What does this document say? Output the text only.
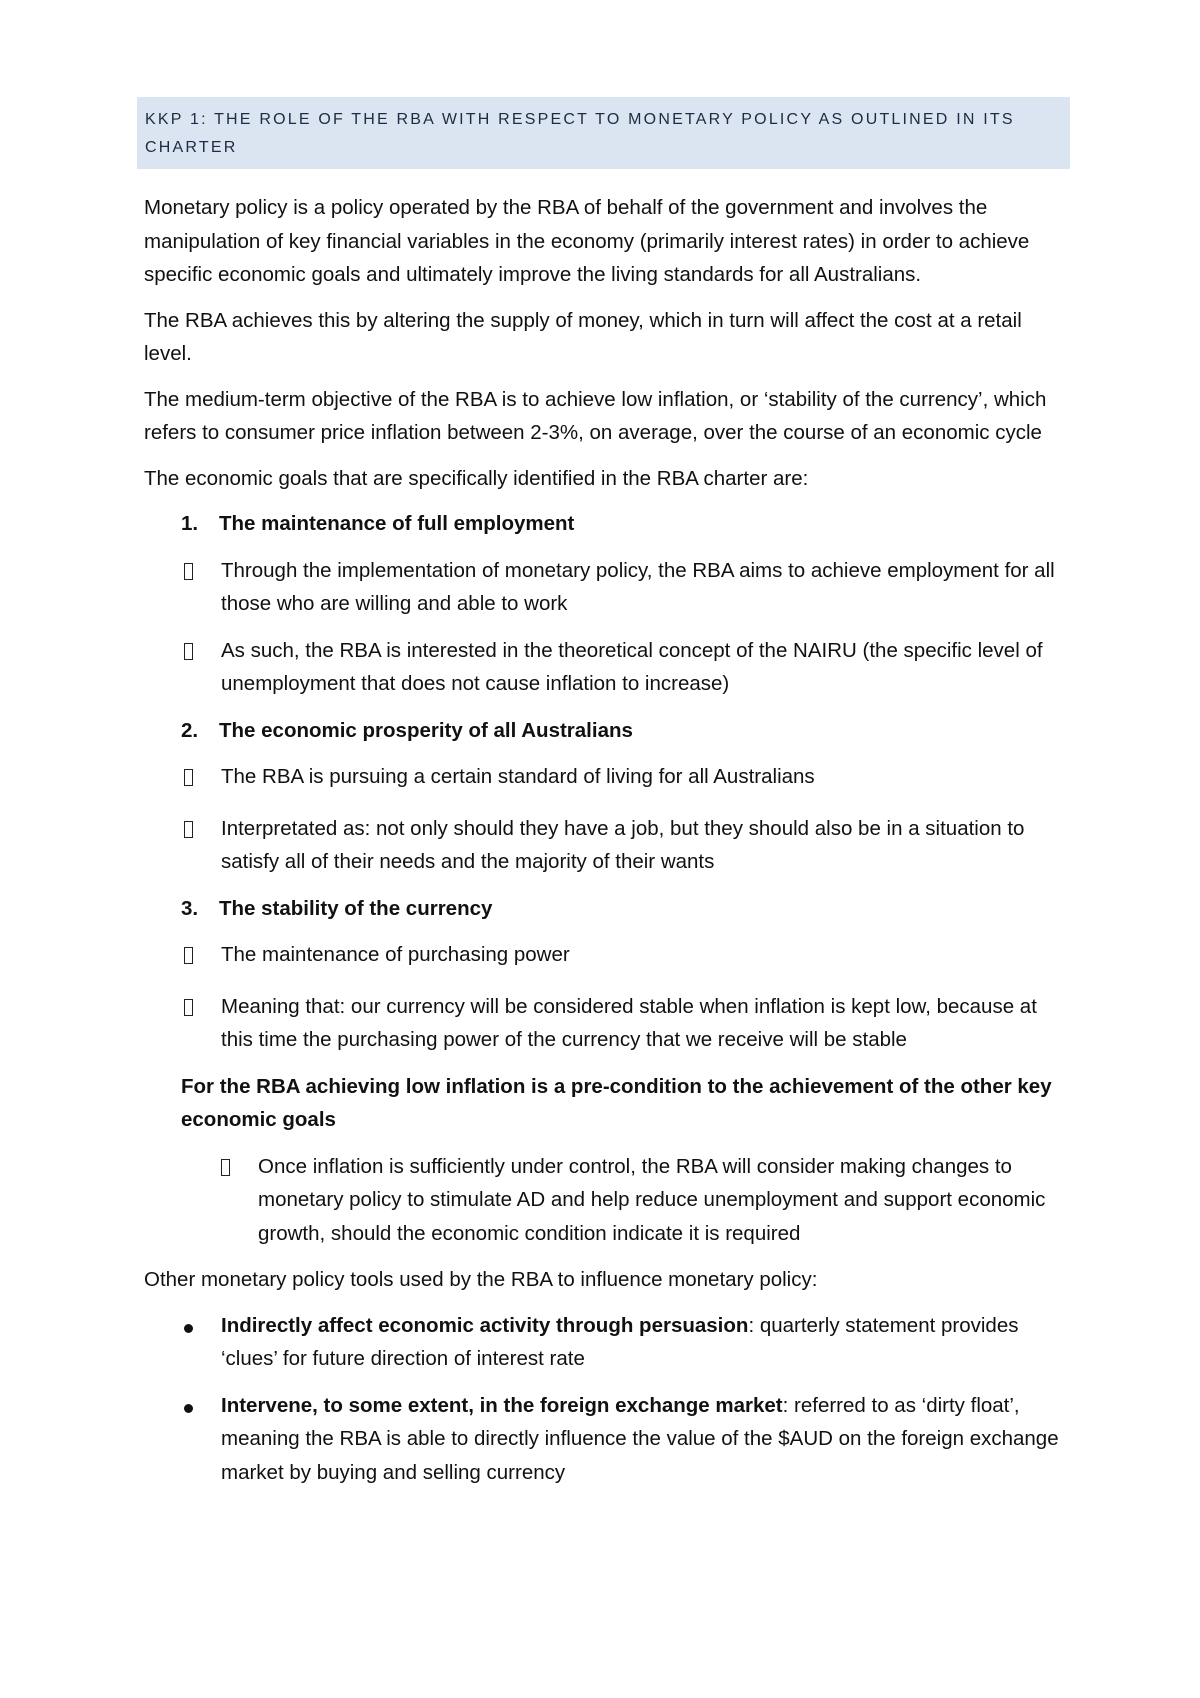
KKP 1: THE ROLE OF THE RBA WITH RESPECT TO MONETARY POLICY AS OUTLINED IN ITS CHARTER

Monetary policy is a policy operated by the RBA of behalf of the government and involves the manipulation of key financial variables in the economy (primarily interest rates) in order to achieve specific economic goals and ultimately improve the living standards for all Australians.

The RBA achieves this by altering the supply of money, which in turn will affect the cost at a retail level.

The medium-term objective of the RBA is to achieve low inflation, or ‘stability of the currency’, which refers to consumer price inflation between 2-3%, on average, over the course of an economic cycle

The economic goals that are specifically identified in the RBA charter are:

1.	The maintenance of full employment
Through the implementation of monetary policy, the RBA aims to achieve employment for all those who are willing and able to work
As such, the RBA is interested in the theoretical concept of the NAIRU (the specific level of unemployment that does not cause inflation to increase)
2.	The economic prosperity of all Australians
The RBA is pursuing a certain standard of living for all Australians
Interpretated as: not only should they have a job, but they should also be in a situation to satisfy all of their needs and the majority of their wants
3.	The stability of the currency
The maintenance of purchasing power
Meaning that: our currency will be considered stable when inflation is kept low, because at this time the purchasing power of the currency that we receive will be stable

For the RBA achieving low inflation is a pre-condition to the achievement of the other key economic goals

Once inflation is sufficiently under control, the RBA will consider making changes to monetary policy to stimulate AD and help reduce unemployment and support economic growth, should the economic condition indicate it is required

Other monetary policy tools used by the RBA to influence monetary policy:

Indirectly affect economic activity through persuasion: quarterly statement provides ‘clues’ for future direction of interest rate
Intervene, to some extent, in the foreign exchange market: referred to as ‘dirty float’, meaning the RBA is able to directly influence the value of the $AUD on the foreign exchange market by buying and selling currency
